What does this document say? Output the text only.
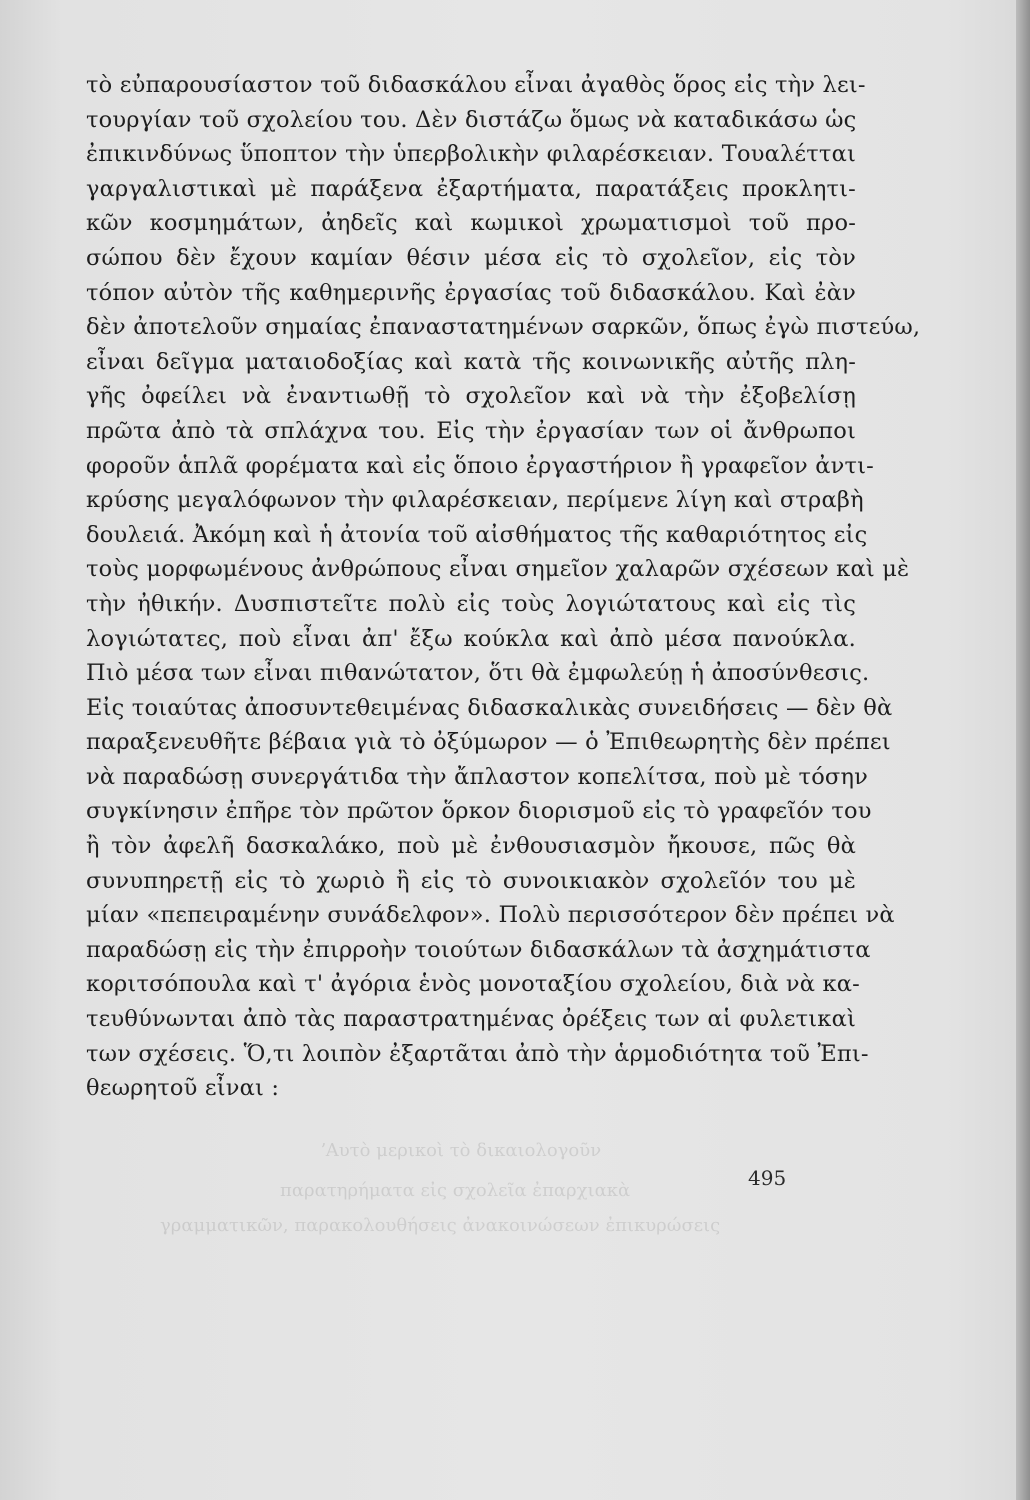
ʼΑυτὸ μερικοὶ τὸ δικαιολογοῦν
παρατηρήματα εἰς σχολεῖα ἐπαρχιακὰ
γραμματικῶν, παρακολουθήσεις ἀνακοινώσεων ἐπικυρώσεις
τὸ εὐπαρουσίαστον τοῦ διδασκάλου εἶναι ἀγαθὸς ὅρος εἰς τὴν λει-
τουργίαν τοῦ σχολείου του. Δὲν διστάζω ὅμως νὰ καταδικάσω ὡς
ἐπικινδύνως ὕποπτον τὴν ὑπερβολικὴν φιλαρέσκειαν. Τουαλέτται
γαργαλιστικαὶ μὲ παράξενα ἐξαρτήματα, παρατάξεις προκλητι-
κῶν κοσμημάτων, ἀηδεῖς καὶ κωμικοὶ χρωματισμοὶ τοῦ προ-
σώπου δὲν ἔχουν καμίαν θέσιν μέσα εἰς τὸ σχολεῖον, εἰς τὸν
τόπον αὐτὸν τῆς καθημερινῆς ἐργασίας τοῦ διδασκάλου. Καὶ ἐὰν
δὲν ἀποτελοῦν σημαίας ἐπαναστατημένων σαρκῶν, ὅπως ἐγὼ πιστεύω,
εἶναι δεῖγμα ματαιοδοξίας καὶ κατὰ τῆς κοινωνικῆς αὐτῆς πλη-
γῆς ὀφείλει νὰ ἐναντιωθῇ τὸ σχολεῖον καὶ νὰ τὴν ἐξοβελίσῃ
πρῶτα ἀπὸ τὰ σπλάχνα του. Εἰς τὴν ἐργασίαν των οἱ ἄνθρωποι
φοροῦν ἁπλᾶ φορέματα καὶ εἰς ὅποιο ἐργαστήριον ἢ γραφεῖον ἀντι-
κρύσης μεγαλόφωνον τὴν φιλαρέσκειαν, περίμενε λίγη καὶ στραβὴ
δουλειά. Ἀκόμη καὶ ἡ ἀτονία τοῦ αἰσθήματος τῆς καθαριότητος εἰς
τοὺς μορφωμένους ἀνθρώπους εἶναι σημεῖον χαλαρῶν σχέσεων καὶ μὲ
τὴν ἠθικήν. Δυσπιστεῖτε πολὺ εἰς τοὺς λογιώτατους καὶ εἰς τὶς
λογιώτατες, ποὺ εἶναι ἀπ' ἔξω κούκλα καὶ ἀπὸ μέσα πανούκλα.
Πιὸ μέσα των εἶναι πιθανώτατον, ὅτι θὰ ἐμφωλεύῃ ἡ ἀποσύνθεσις.
Εἰς τοιαύτας ἀποσυντεθειμένας διδασκαλικὰς συνειδήσεις — δὲν θὰ
παραξενευθῆτε βέβαια γιὰ τὸ ὀξύμωρον — ὁ Ἐπιθεωρητὴς δὲν πρέπει
νὰ παραδώσῃ συνεργάτιδα τὴν ἄπλαστον κοπελίτσα, ποὺ μὲ τόσην
συγκίνησιν ἐπῆρε τὸν πρῶτον ὅρκον διορισμοῦ εἰς τὸ γραφεῖόν του
ἢ τὸν ἀφελῆ δασκαλάκο, ποὺ μὲ ἐνθουσιασμὸν ἤκουσε, πῶς θὰ
συνυπηρετῇ εἰς τὸ χωριὸ ἢ εἰς τὸ συνοικιακὸν σχολεῖόν του μὲ
μίαν «πεπειραμένην συνάδελφον». Πολὺ περισσότερον δὲν πρέπει νὰ
παραδώσῃ εἰς τὴν ἐπιρροὴν τοιούτων διδασκάλων τὰ ἀσχημάτιστα
κοριτσόπουλα καὶ τ' ἀγόρια ἑνὸς μονοταξίου σχολείου, διὰ νὰ κα-
τευθύνωνται ἀπὸ τὰς παραστρατημένας ὀρέξεις των αἱ φυλετικαὶ
των σχέσεις. Ὅ,τι λοιπὸν ἐξαρτᾶται ἀπὸ τὴν ἁρμοδιότητα τοῦ Ἐπι-
θεωρητοῦ εἶναι :
495
